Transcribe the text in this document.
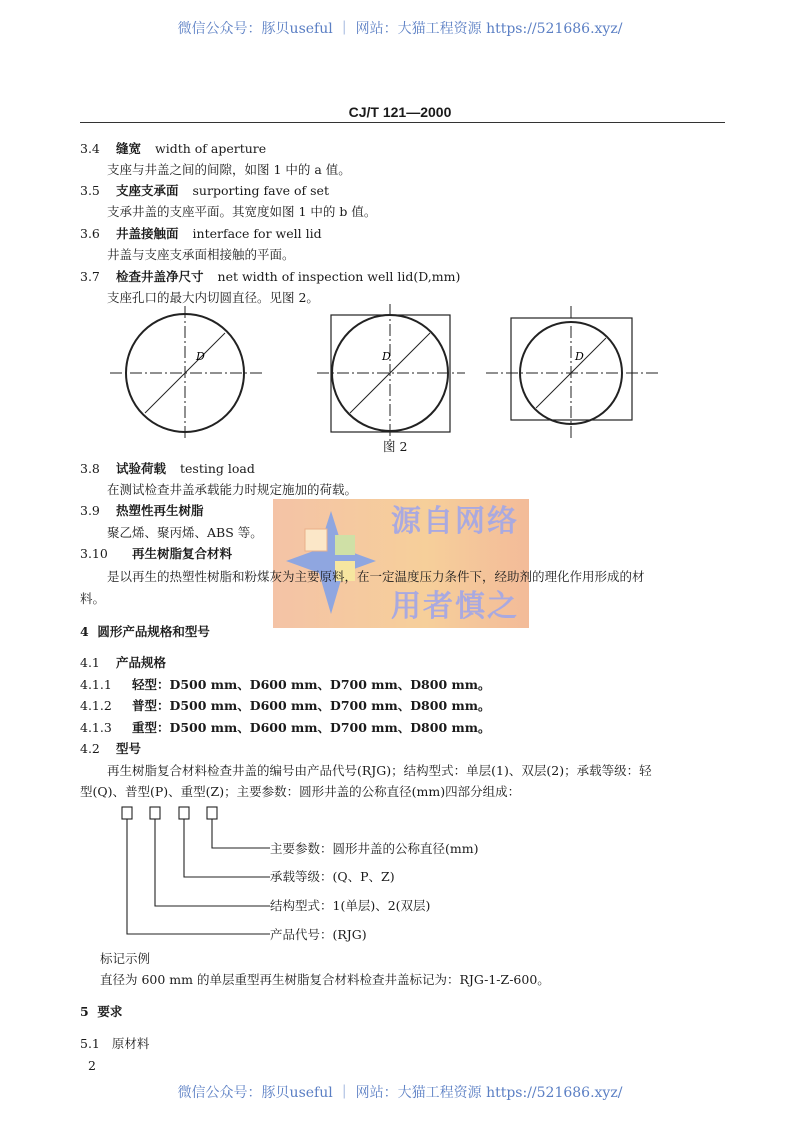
微信公众号：豚贝useful ｜ 网站：大猫工程资源 https://521686.xyz/
CJ/T 121—2000
3.4 缝宽 width of aperture
支座与井盖之间的间隙，如图 1 中的 a 值。
3.5 支座支承面 surporting fave of set
支承井盖的支座平面。其宽度如图 1 中的 b 值。
3.6 井盖接触面 interface for well lid
井盖与支座支承面相接触的平面。
3.7 检查井盖净尺寸 net width of inspection well lid(D,mm)
支座孔口的最大内切圆直径。见图 2。
D	D	D
图 2
源自网络
用者慎之
3.8 试验荷载 testing load
在测试检查井盖承载能力时规定施加的荷载。
3.9 热塑性再生树脂
聚乙烯、聚丙烯、ABS 等。
3.10 再生树脂复合材料
是以再生的热塑性树脂和粉煤灰为主要原料，在一定温度压力条件下，经助剂的理化作用形成的材
料。
4 圆形产品规格和型号
4.1 产品规格
4.1.1 轻型：D500 mm、D600 mm、D700 mm、D800 mm。
4.1.2 普型：D500 mm、D600 mm、D700 mm、D800 mm。
4.1.3 重型：D500 mm、D600 mm、D700 mm、D800 mm。
4.2 型号
再生树脂复合材料检查井盖的编号由产品代号(RJG)；结构型式：单层(1)、双层(2)；承载等级：轻
型(Q)、普型(P)、重型(Z)；主要参数：圆形井盖的公称直径(mm)四部分组成：
主要参数：圆形井盖的公称直径(mm)
承载等级：(Q、P、Z)
结构型式：1(单层)、2(双层)
产品代号：(RJG)
标记示例
直径为 600 mm 的单层重型再生树脂复合材料检查井盖标记为：RJG-1-Z-600。
5 要求
5.1 原材料
2
微信公众号：豚贝useful ｜ 网站：大猫工程资源 https://521686.xyz/
